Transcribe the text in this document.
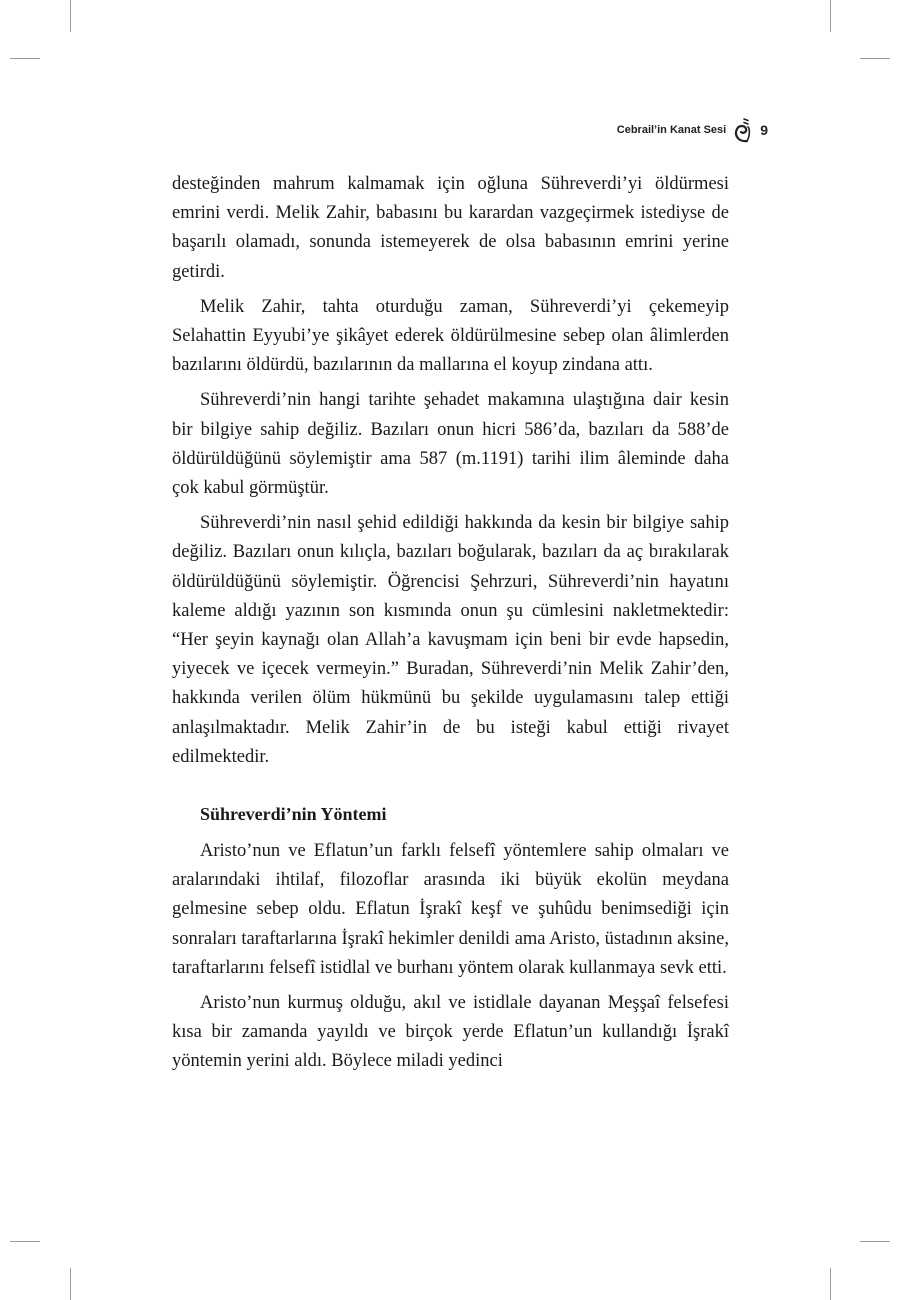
Cebrail’in Kanat Sesi 9

desteğinden mahrum kalmamak için oğluna Sühreverdi’yi öldürmesi emrini verdi. Melik Zahir, babasını bu karardan vazgeçirmek istediyse de başarılı olamadı, sonunda istemeyerek de olsa babasının emrini yerine getirdi.

Melik Zahir, tahta oturduğu zaman, Sühreverdi’yi çekemeyip Selahattin Eyyubi’ye şikâyet ederek öldürülmesine sebep olan âlimlerden bazılarını öldürdü, bazılarının da mallarına el koyup zindana attı.

Sühreverdi’nin hangi tarihte şehadet makamına ulaştığına dair kesin bir bilgiye sahip değiliz. Bazıları onun hicri 586’da, bazıları da 588’de öldürüldüğünü söylemiştir ama 587 (m.1191) tarihi ilim âleminde daha çok kabul görmüştür.

Sühreverdi’nin nasıl şehid edildiği hakkında da kesin bir bilgiye sahip değiliz. Bazıları onun kılıçla, bazıları boğularak, bazıları da aç bırakılarak öldürüldüğünü söylemiştir. Öğrencisi Şehrzuri, Sühreverdi’nin hayatını kaleme aldığı yazının son kısmında onun şu cümlesini nakletmektedir: “Her şeyin kaynağı olan Allah’a kavuşmam için beni bir evde hapsedin, yiyecek ve içecek vermeyin.” Buradan, Sühreverdi’nin Melik Zahir’den, hakkında verilen ölüm hükmünü bu şekilde uygulamasını talep ettiği anlaşılmaktadır. Melik Zahir’in de bu isteği kabul ettiği rivayet edilmektedir.

Sühreverdi’nin Yöntemi

Aristo’nun ve Eflatun’un farklı felsefî yöntemlere sahip olmaları ve aralarındaki ihtilaf, filozoflar arasında iki büyük ekolün meydana gelmesine sebep oldu. Eflatun İşrakî keşf ve şuhûdu benimsediği için sonraları taraftarlarına İşrakî hekimler denildi ama Aristo, üstadının aksine, taraftarlarını felsefî istidlal ve burhanı yöntem olarak kullanmaya sevk etti.

Aristo’nun kurmuş olduğu, akıl ve istidlale dayanan Meşşaî felsefesi kısa bir zamanda yayıldı ve birçok yerde Eflatun’un kullandığı İşrakî yöntemin yerini aldı. Böylece miladi yedinci
